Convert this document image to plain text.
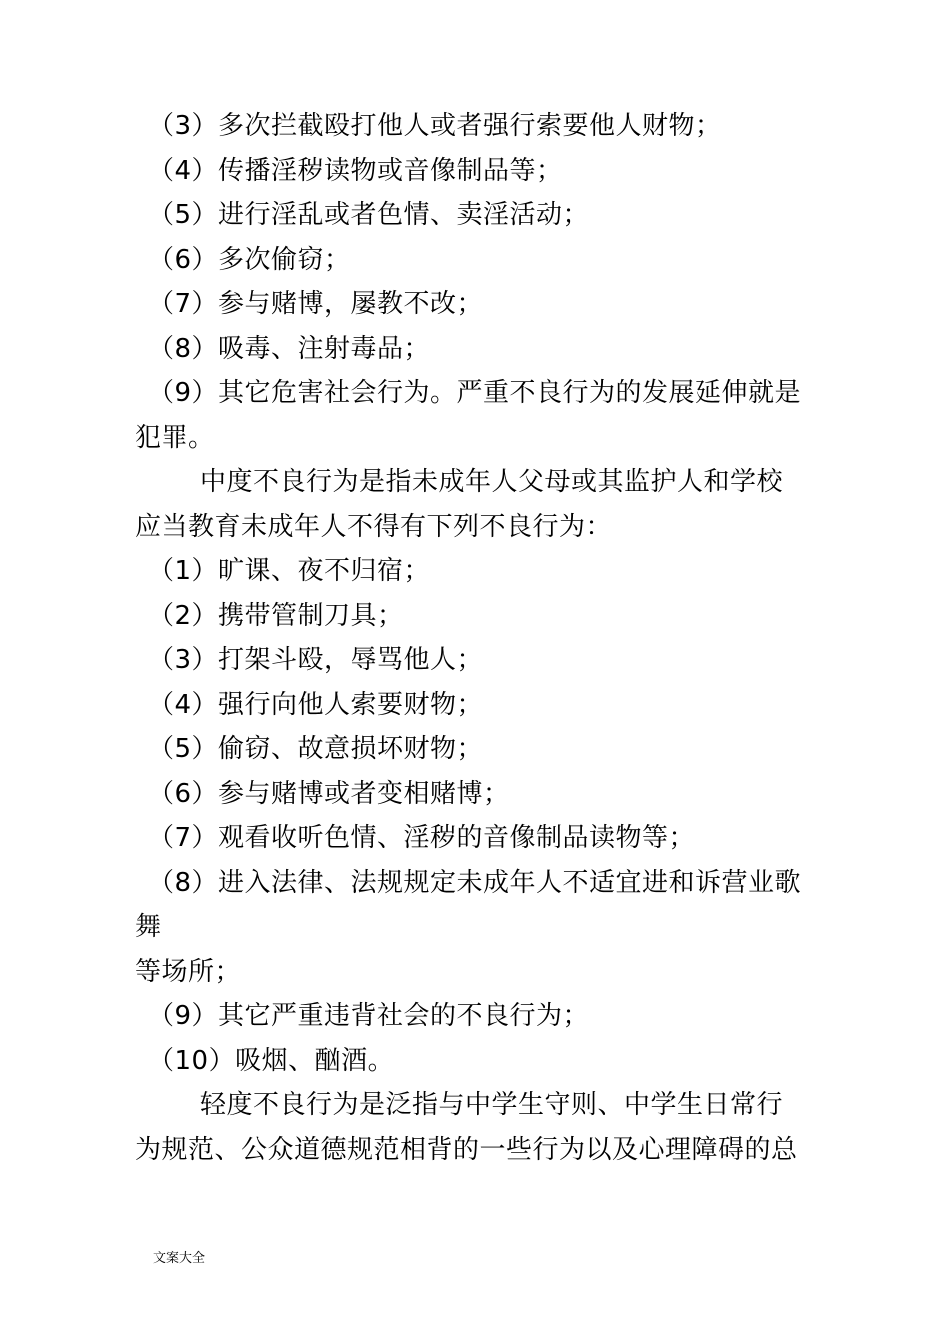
（3）多次拦截殴打他人或者强行索要他人财物；
（4）传播淫秽读物或音像制品等；
（5）进行淫乱或者色情、卖淫活动；
（6）多次偷窃；
（7）参与赌博，屡教不改；
（8）吸毒、注射毒品；
（9）其它危害社会行为。严重不良行为的发展延伸就是
犯罪。
中度不良行为是指未成年人父母或其监护人和学校
应当教育未成年人不得有下列不良行为：
（1）旷课、夜不归宿；
（2）携带管制刀具；
（3）打架斗殴，辱骂他人；
（4）强行向他人索要财物；
（5）偷窃、故意损坏财物；
（6）参与赌博或者变相赌博；
（7）观看收听色情、淫秽的音像制品读物等；
（8）进入法律、法规规定未成年人不适宜进和诉营业歌
舞
等场所；
（9）其它严重违背社会的不良行为；
（10）吸烟、酗酒。
轻度不良行为是泛指与中学生守则、中学生日常行
为规范、公众道德规范相背的一些行为以及心理障碍的总
文案大全
